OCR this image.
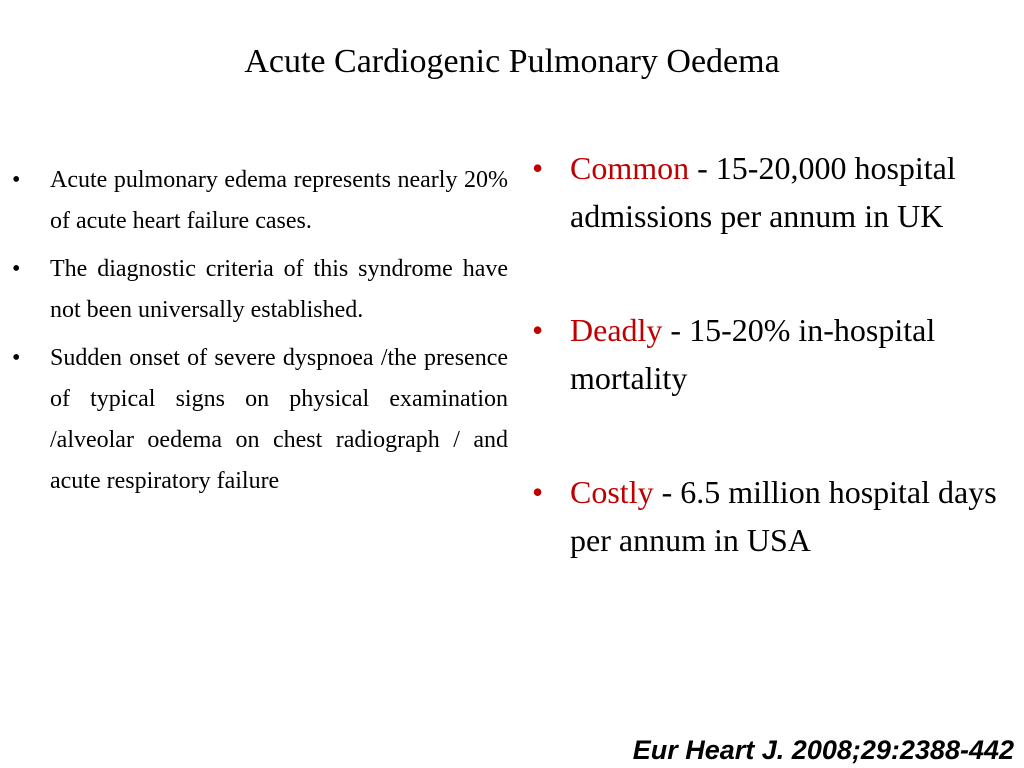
Acute Cardiogenic Pulmonary Oedema
• Acute pulmonary edema represents nearly 20% of acute heart failure cases.
• The diagnostic criteria of this syndrome have not been universally established.
• Sudden onset of severe dyspnoea /the presence of typical signs on physical examination /alveolar oedema on chest radiograph / and acute respiratory failure
• Common - 15-20,000 hospital admissions per annum in UK
• Deadly - 15-20% in-hospital mortality
• Costly - 6.5 million hospital days per annum in USA
Eur Heart J. 2008;29:2388-442
